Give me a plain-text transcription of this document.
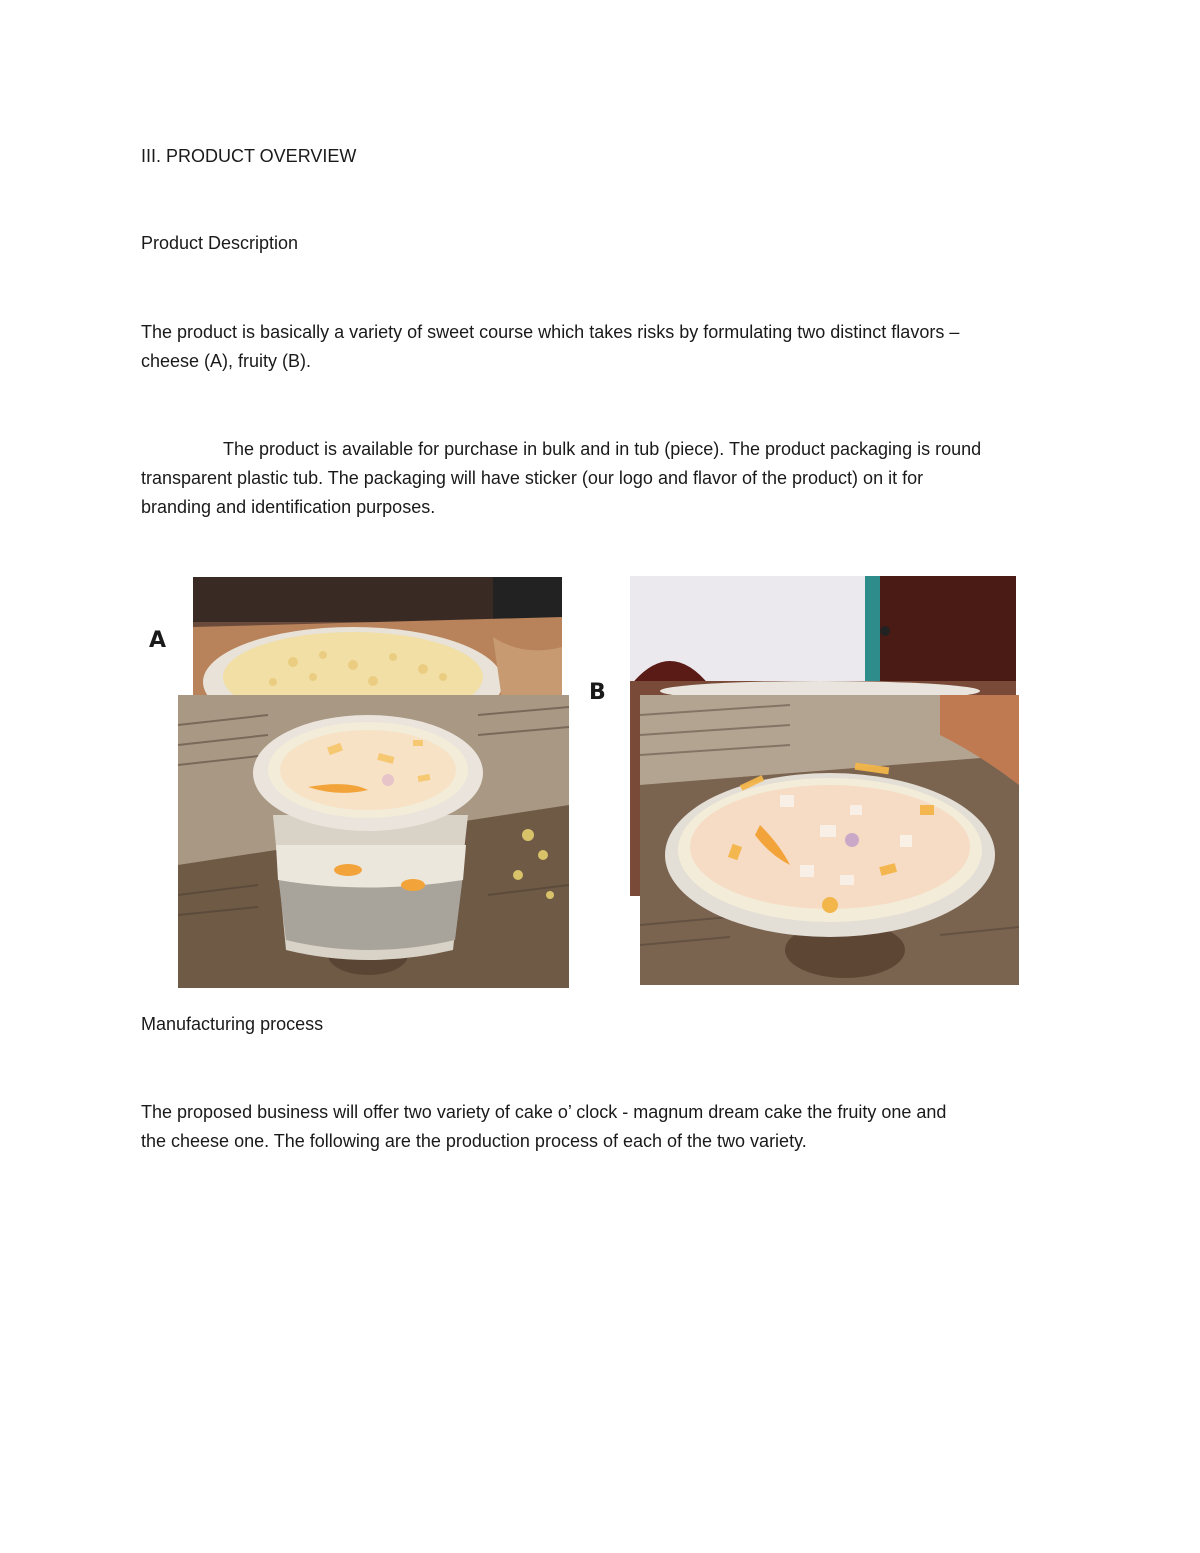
III. PRODUCT OVERVIEW
Product Description
The product is basically a variety of sweet course which takes risks by formulating two distinct flavors –
cheese (A), fruity (B).
The product is available for purchase in bulk and in tub (piece). The product packaging is round
transparent plastic tub. The packaging will have sticker (our logo and flavor of the product) on it for
branding and identification purposes.
A
B
Manufacturing process
The proposed business will offer two variety of cake o’ clock - magnum dream cake the fruity one and
the cheese one. The following are the production process of each of the two variety.
